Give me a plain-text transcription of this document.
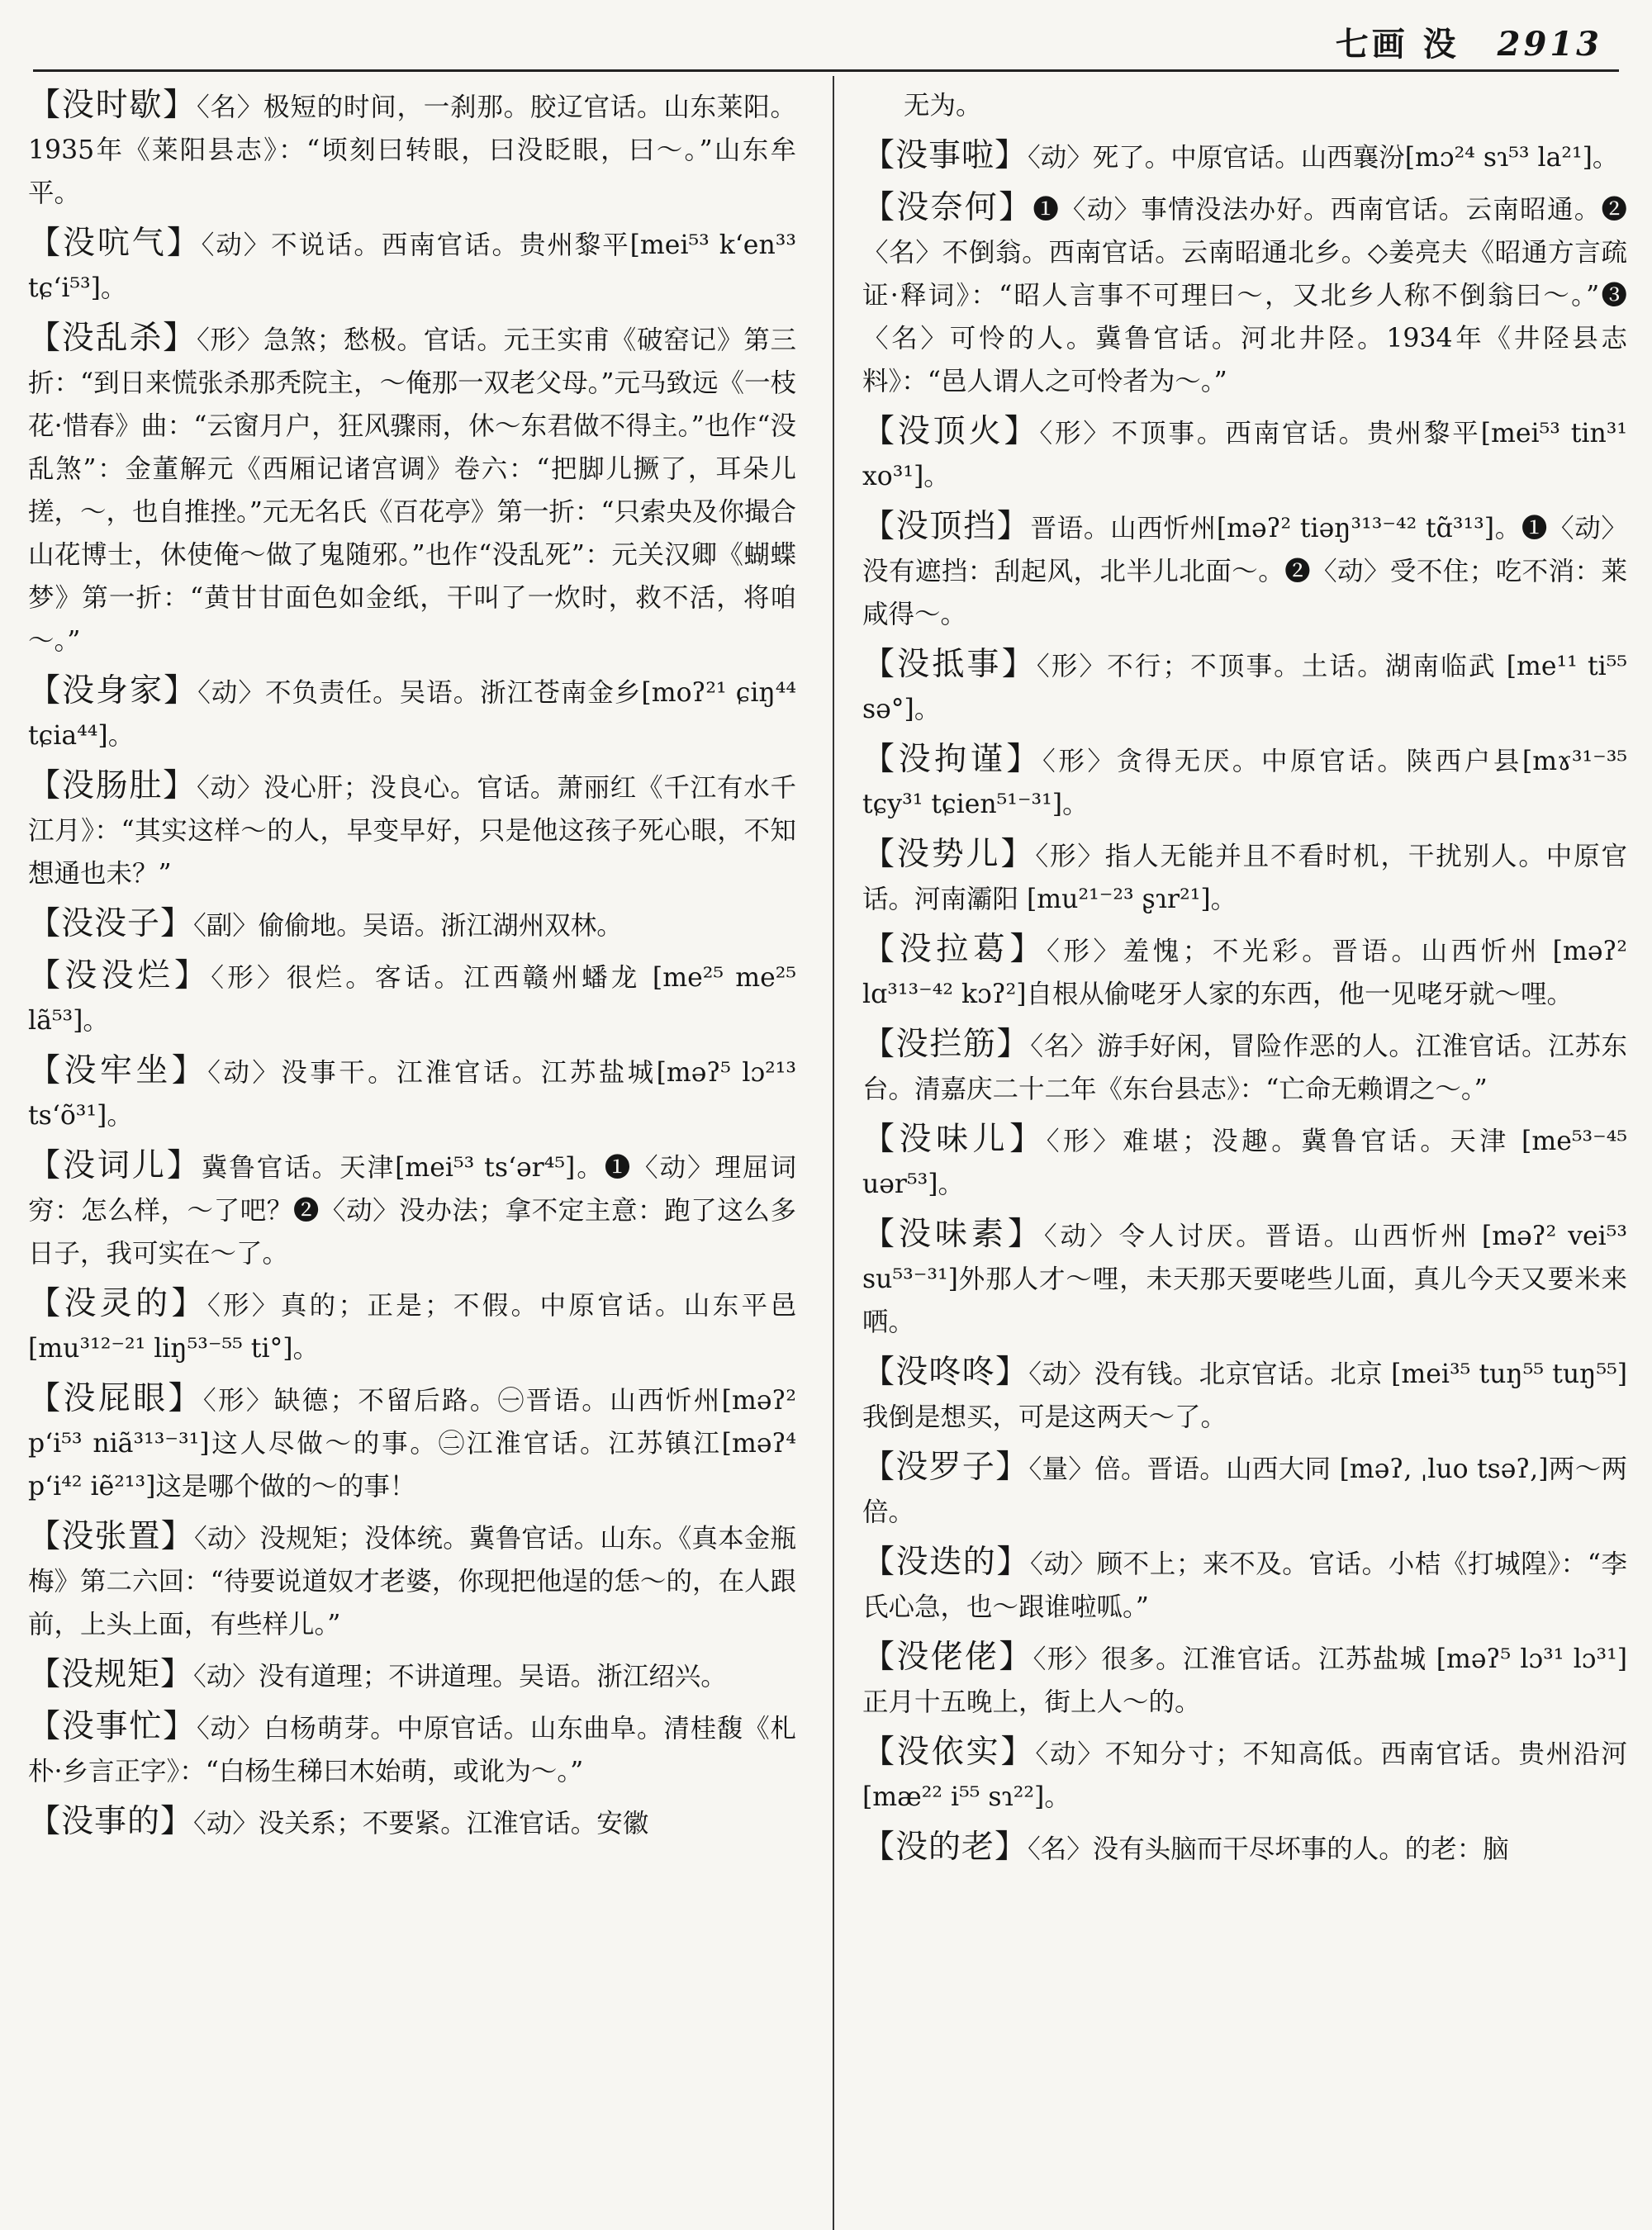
七画 没 2913

【没时歇】〈名〉极短的时间，一刹那。胶辽官话。山东莱阳。1935年《莱阳县志》：“顷刻曰转眼，曰没眨眼，曰～。”山东牟平。

【没吭气】〈动〉不说话。西南官话。贵州黎平[mei⁵³ k‘en³³ tɕ‘i⁵³]。

【没乱杀】〈形〉急煞；愁极。官话。元王实甫《破窑记》第三折：“到日来慌张杀那秃院主，～俺那一双老父母。”元马致远《一枝花·惜春》曲：“云窗月户，狂风骤雨，休～东君做不得主。”也作“没乱煞”：金董解元《西厢记诸宫调》卷六：“把脚儿撅了，耳朵儿搓，～，也自推挫。”元无名氏《百花亭》第一折：“只索央及你撮合山花博士，休使俺～做了鬼随邪。”也作“没乱死”：元关汉卿《蝴蝶梦》第一折：“黄甘甘面色如金纸，干叫了一炊时，救不活，将咱～。”

【没身家】〈动〉不负责任。吴语。浙江苍南金乡[moʔ²¹ ɕiŋ⁴⁴ tɕia⁴⁴]。

【没肠肚】〈动〉没心肝；没良心。官话。萧丽红《千江有水千江月》：“其实这样～的人，早变早好，只是他这孩子死心眼，不知想通也未？”

【没没子】〈副〉偷偷地。吴语。浙江湖州双林。

【没没烂】〈形〉很烂。客话。江西赣州蟠龙 [me²⁵ me²⁵ lã⁵³]。

【没牢坐】〈动〉没事干。江淮官话。江苏盐城[məʔ⁵ lɔ²¹³ ts‘õ³¹]。

【没词儿】冀鲁官话。天津[mei⁵³ ts‘ər⁴⁵]。❶〈动〉理屈词穷：怎么样，～了吧？❷〈动〉没办法；拿不定主意：跑了这么多日子，我可实在～了。

【没灵的】〈形〉真的；正是；不假。中原官话。山东平邑[mu³¹²⁻²¹ liŋ⁵³⁻⁵⁵ ti°]。

【没屁眼】〈形〉缺德；不留后路。㊀晋语。山西忻州[məʔ² p‘i⁵³ niã³¹³⁻³¹]这人尽做～的事。㊁江淮官话。江苏镇江[məʔ⁴ p‘i⁴² iẽ²¹³]这是哪个做的～的事！

【没张置】〈动〉没规矩；没体统。冀鲁官话。山东。《真本金瓶梅》第二六回：“待要说道奴才老婆，你现把他逞的恁～的，在人跟前，上头上面，有些样儿。”

【没规矩】〈动〉没有道理；不讲道理。吴语。浙江绍兴。

【没事忙】〈动〉白杨萌芽。中原官话。山东曲阜。清桂馥《札朴·乡言正字》：“白杨生稊曰木始萌，或讹为～。”

【没事的】〈动〉没关系；不要紧。江淮官话。安徽

无为。

【没事啦】〈动〉死了。中原官话。山西襄汾[mɔ²⁴ sɿ⁵³ la²¹]。

【没奈何】❶〈动〉事情没法办好。西南官话。云南昭通。❷〈名〉不倒翁。西南官话。云南昭通北乡。◇姜亮夫《昭通方言疏证·释词》：“昭人言事不可理曰～，又北乡人称不倒翁曰～。”❸〈名〉可怜的人。冀鲁官话。河北井陉。1934年《井陉县志料》：“邑人谓人之可怜者为～。”

【没顶火】〈形〉不顶事。西南官话。贵州黎平[mei⁵³ tin³¹ xo³¹]。

【没顶挡】晋语。山西忻州[məʔ² tiəŋ³¹³⁻⁴² tɑ̃³¹³]。❶〈动〉没有遮挡：刮起风，北半儿北面～。❷〈动〉受不住；吃不消：莱咸得～。

【没抵事】〈形〉不行；不顶事。土话。湖南临武 [me¹¹ ti⁵⁵ sə°]。

【没拘谨】〈形〉贪得无厌。中原官话。陕西户县[mɤ³¹⁻³⁵ tɕy³¹ tɕien⁵¹⁻³¹]。

【没势儿】〈形〉指人无能并且不看时机，干扰别人。中原官话。河南灞阳 [mu²¹⁻²³ ʂɿr²¹]。

【没拉葛】〈形〉羞愧；不光彩。晋语。山西忻州 [məʔ² lɑ³¹³⁻⁴² kɔʔ²]自根从偷咾牙人家的东西，他一见咾牙就～哩。

【没拦筋】〈名〉游手好闲，冒险作恶的人。江淮官话。江苏东台。清嘉庆二十二年《东台县志》：“亡命无赖谓之～。”

【没味儿】〈形〉难堪；没趣。冀鲁官话。天津 [me⁵³⁻⁴⁵ uər⁵³]。

【没味素】〈动〉令人讨厌。晋语。山西忻州 [məʔ² vei⁵³ su⁵³⁻³¹]外那人才～哩，未天那天要咾些儿面，真儿今天又要米来哂。

【没咚咚】〈动〉没有钱。北京官话。北京 [mei³⁵ tuŋ⁵⁵ tuŋ⁵⁵] 我倒是想买，可是这两天～了。

【没罗子】〈量〉倍。晋语。山西大同 [məʔ, ˌluo tsəʔ,]两～两倍。

【没迭的】〈动〉顾不上；来不及。官话。小桔《打城隍》：“李氏心急，也～跟谁啦呱。”

【没佬佬】〈形〉很多。江淮官话。江苏盐城 [məʔ⁵ lɔ³¹ lɔ³¹] 正月十五晚上，街上人～的。

【没依实】〈动〉不知分寸；不知高低。西南官话。贵州沿河[mæ²² i⁵⁵ sɿ²²]。

【没的老】〈名〉没有头脑而干尽坏事的人。的老：脑
